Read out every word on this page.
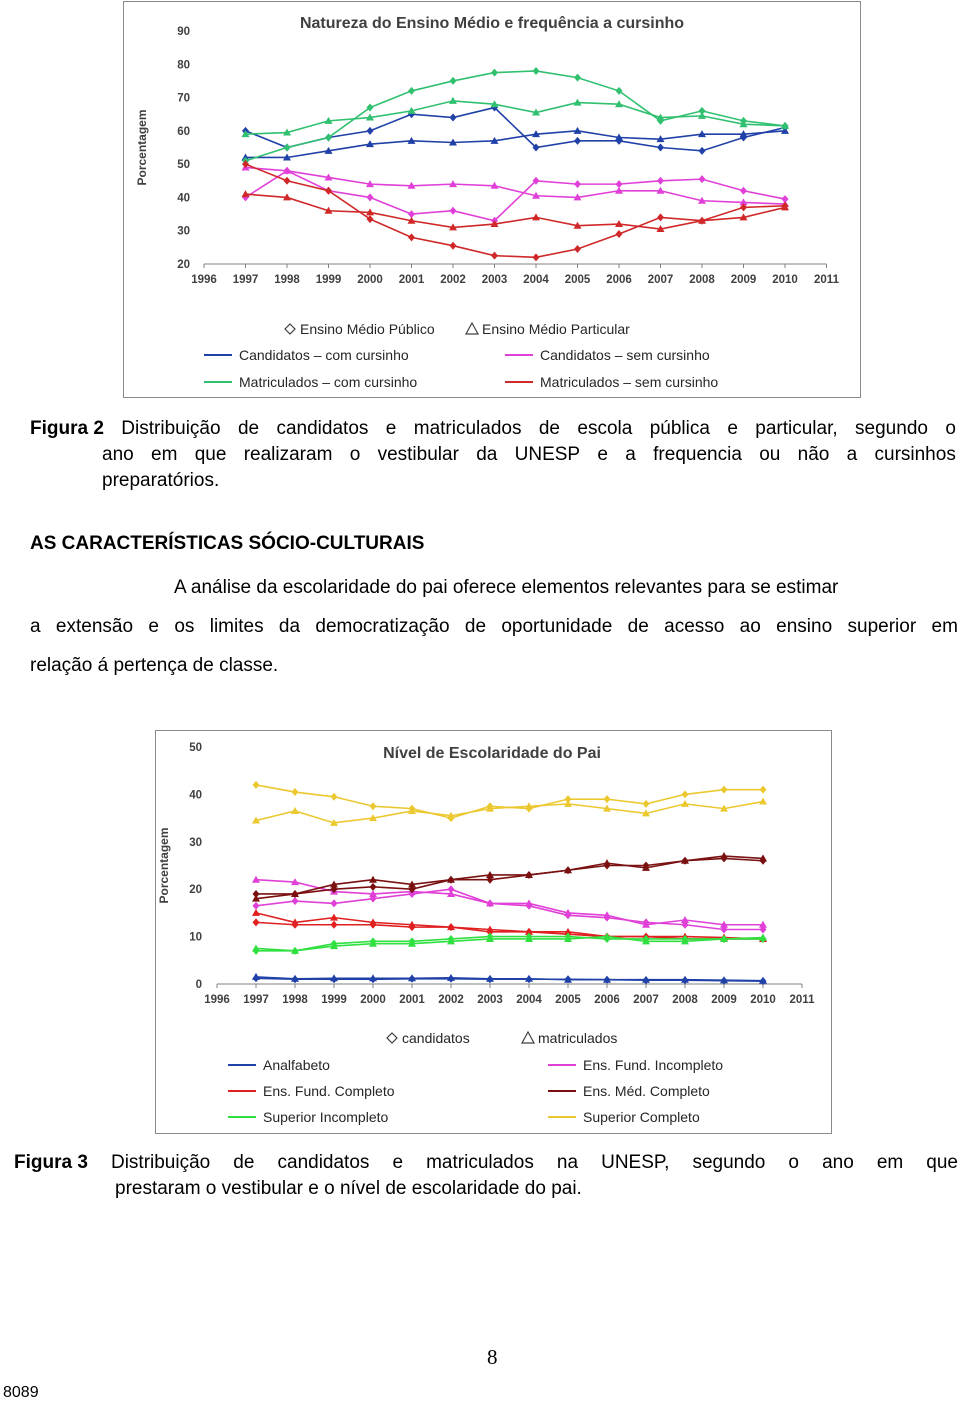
Natureza do Ensino Médio e frequência a cursinho
Porcentagem
20
30
40
50
60
70
80
90
1996 1997 1998 1999 2000 2001 2002 2003 2004 2005 2006 2007 2008 2009 2010 2011
Ensino Médio Público	Ensino Médio Particular
Candidatos – com cursinho	Candidatos – sem cursinho
Matriculados – com cursinho	Matriculados – sem cursinho
Figura 2 Distribuição de candidatos e matriculados de escola pública e particular, segundo o
ano em que realizaram o vestibular da UNESP e a frequencia ou não a cursinhos
preparatórios.
AS CARACTERÍSTICAS SÓCIO-CULTURAIS
A análise da escolaridade do pai oferece elementos relevantes para se estimar
a extensão e os limites da democratização de oportunidade de acesso ao ensino superior em
relação á pertença de classe.
Nível de Escolaridade do Pai
Porcentagem
0
10
20
30
40
50
1996 1997 1998 1999 2000 2001 2002 2003 2004 2005 2006 2007 2008 2009 2010 2011
candidatos	matriculados
Analfabeto	Ens. Fund. Incompleto
Ens. Fund. Completo	Ens. Méd. Completo
Superior Incompleto	Superior Completo
Figura 3 Distribuição de candidatos e matriculados na UNESP, segundo o ano em que
prestaram o vestibular e o nível de escolaridade do pai.
8
8089
